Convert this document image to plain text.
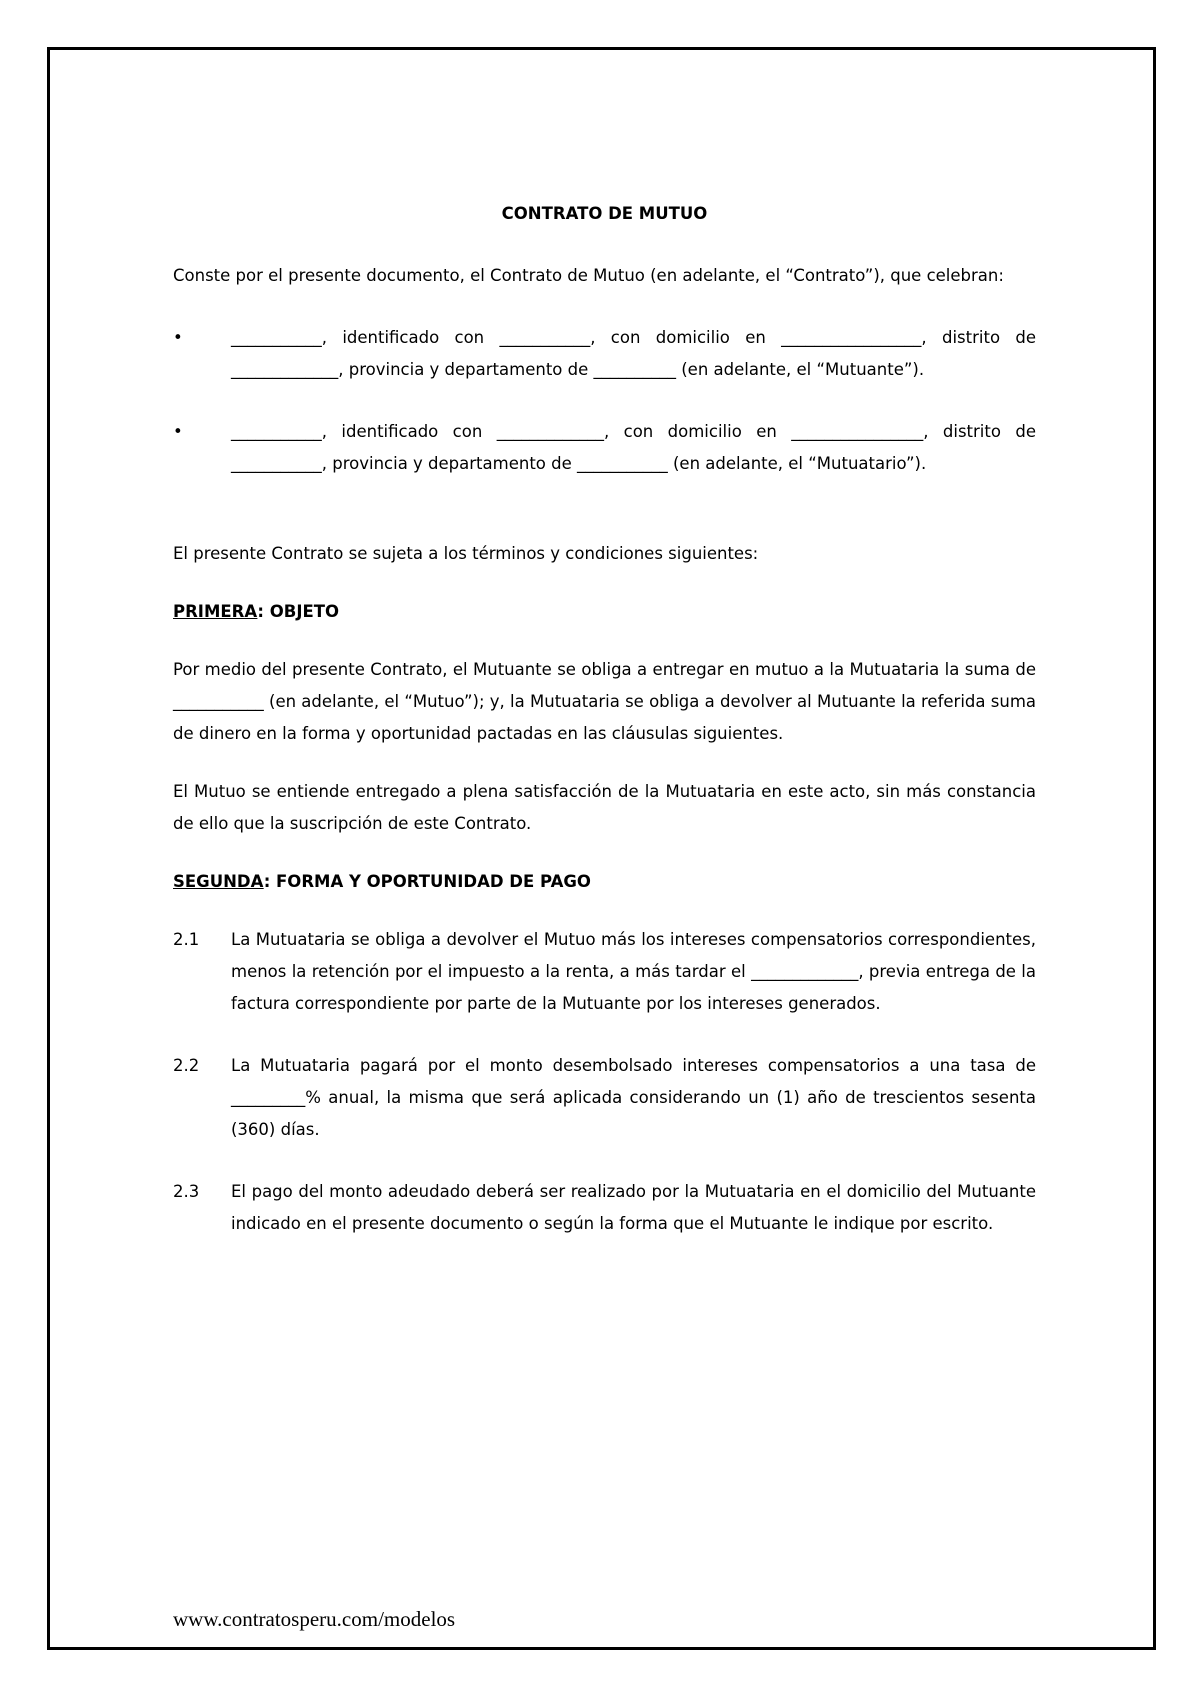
CONTRATO DE MUTUO

Conste por el presente documento, el Contrato de Mutuo (en adelante, el “Contrato”), que celebran:

•	___________, identificado con ___________, con domicilio en _________________, distrito de _____________, provincia y departamento de __________ (en adelante, el “Mutuante”).
•	___________, identificado con _____________, con domicilio en ________________, distrito de ___________, provincia y departamento de ___________ (en adelante, el “Mutuatario”).

El presente Contrato se sujeta a los términos y condiciones siguientes:

PRIMERA: OBJETO

Por medio del presente Contrato, el Mutuante se obliga a entregar en mutuo a la Mutuataria la suma de ___________ (en adelante, el “Mutuo”); y, la Mutuataria se obliga a devolver al Mutuante la referida suma de dinero en la forma y oportunidad pactadas en las cláusulas siguientes.

El Mutuo se entiende entregado a plena satisfacción de la Mutuataria en este acto, sin más constancia de ello que la suscripción de este Contrato.

SEGUNDA: FORMA Y OPORTUNIDAD DE PAGO

2.1	La Mutuataria se obliga a devolver el Mutuo más los intereses compensatorios correspondientes, menos la retención por el impuesto a la renta, a más tardar el _____________, previa entrega de la factura correspondiente por parte de la Mutuante por los intereses generados.
2.2	La Mutuataria pagará por el monto desembolsado intereses compensatorios a una tasa de _________% anual, la misma que será aplicada considerando un (1) año de trescientos sesenta (360) días.
2.3	El pago del monto adeudado deberá ser realizado por la Mutuataria en el domicilio del Mutuante indicado en el presente documento o según la forma que el Mutuante le indique por escrito.
www.contratosperu.com/modelos
